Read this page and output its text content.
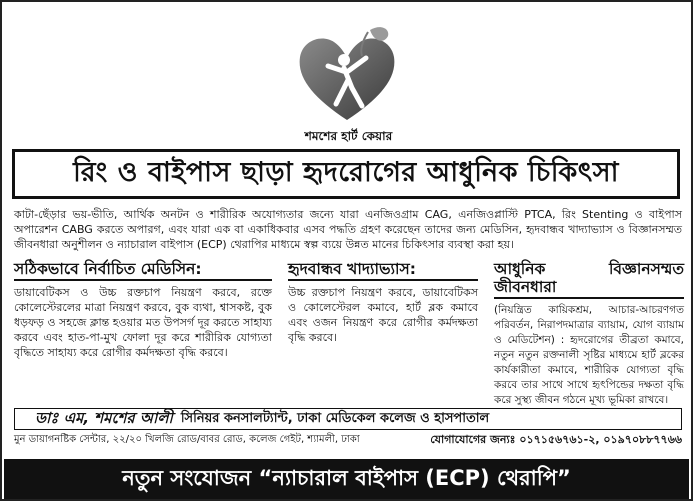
শমশের হার্ট কেয়ার
রিং ও বাইপাস ছাড়া হৃদরোগের আধুনিক চিকিৎসা
কাটা-ছেঁড়ার ভয়-ভীতি, আর্থিক অনটন ও শারীরিক অযোগ্যতার জন্যে যারা এনজিওগ্রাম CAG, এনজিওপ্লাস্টি PTCA, রিং Stenting ও বাইপাস অপারেশন CABG করতে অপারগ, এবং যারা এক বা একাধিকবার এসব পদ্ধতি গ্রহণ করেছেন তাদের জন্য মেডিসিন, হৃদবান্ধব খাদ্যাভ্যাস ও বিজ্ঞানসম্মত জীবনধারা অনুশীলন ও ন্যাচারাল বাইপাস (ECP) থেরাপির মাধ্যমে স্বল্প ব্যয়ে উন্নত মানের চিকিৎসার ব্যবস্থা করা হয়।
সঠিকভাবে নির্বাচিত মেডিসিন:
ডায়াবেটিকস ও উচ্চ রক্তচাপ নিয়ন্ত্রণ করবে, রক্তে কোলেস্টেরলের মাত্রা নিয়ন্ত্রণ করবে, বুক ব্যথা, শ্বাসকষ্ট, বুক ধড়ফড় ও সহজে ক্লান্ত হওয়ার মত উপসর্গ দূর করতে সাহায্য করবে এবং হাত-পা-মুখ ফোলা দূর করে শারীরিক যোগ্যতা বৃদ্ধিতে সাহায্য করে রোগীর কর্মদক্ষতা বৃদ্ধি করবে।
হৃদবান্ধব খাদ্যাভ্যাস:
উচ্চ রক্তচাপ নিয়ন্ত্রণ করবে, ডায়াবেটিকস ও কোলেস্টেরল কমাবে, হার্ট ব্লক কমাবে এবং ওজন নিয়ন্ত্রণ করে রোগীর কর্মদক্ষতা বৃদ্ধি করবে।
আধুনিক বিজ্ঞানসম্মত জীবনধারা
(নিয়ন্ত্রিত কায়িকশ্রম, আচার-আচরণগত পরিবর্তন, নিরাপদমাত্রার ব্যায়াম, যোগ ব্যায়াম ও মেডিটেশন) : হৃদরোগের তীব্রতা কমাবে, নতুন নতুন রক্তনালী সৃষ্টির মাধ্যমে হার্ট ব্লকের কার্যকারীতা কমাবে, শারীরিক যোগ্যতা বৃদ্ধি করবে তার সাথে সাথে হৃৎপিন্ডের দক্ষতা বৃদ্ধি করে সুস্থ্য জীবন গঠনে মূখ্য ভূমিকা রাখবে।
ডাঃ এম, শমশের আলী সিনিয়র কনসালট্যান্ট, ঢাকা মেডিকেল কলেজ ও হাসপাতাল
মুন ডায়াগনষ্টিক সেন্টার, ২২/২০ খিলজি রোড/বাবর রোড, কলেজ গেইট, শ্যামলী, ঢাকা	যোগাযোগের জন্যঃ ০১৭১৫৬৭৬১-২, ০১৯৭০৮৮৭৭৬৬
নতুন সংযোজন “ন্যাচারাল বাইপাস (ECP) থেরাপি”
